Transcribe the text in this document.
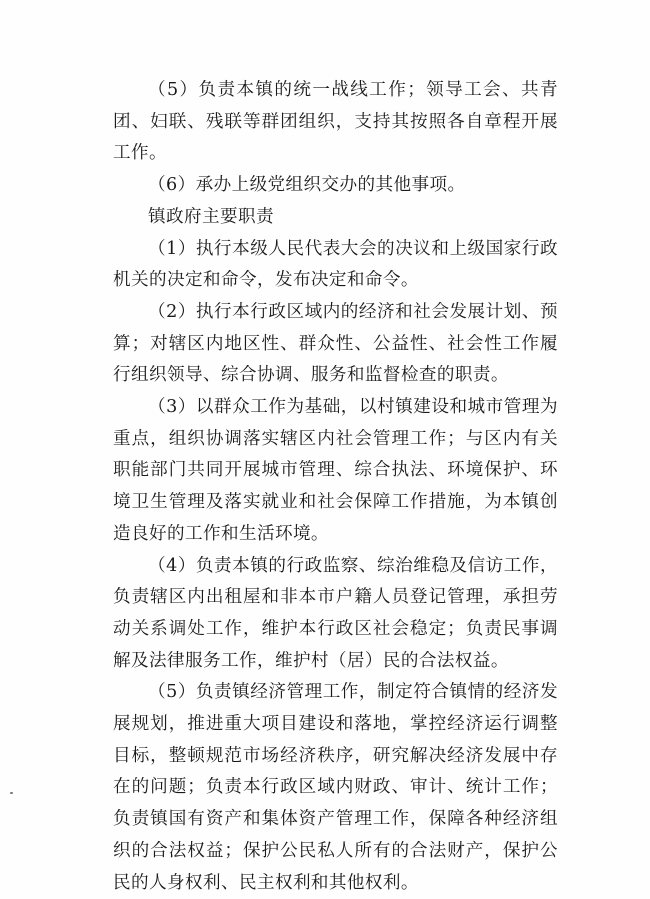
（5）负责本镇的统一战线工作；领导工会、共青团、妇联、残联等群团组织，支持其按照各自章程开展工作。

（6）承办上级党组织交办的其他事项。

镇政府主要职责

（1）执行本级人民代表大会的决议和上级国家行政机关的决定和命令，发布决定和命令。

（2）执行本行政区域内的经济和社会发展计划、预算；对辖区内地区性、群众性、公益性、社会性工作履行组织领导、综合协调、服务和监督检查的职责。

（3）以群众工作为基础，以村镇建设和城市管理为重点，组织协调落实辖区内社会管理工作；与区内有关职能部门共同开展城市管理、综合执法、环境保护、环境卫生管理及落实就业和社会保障工作措施，为本镇创造良好的工作和生活环境。

（4）负责本镇的行政监察、综治维稳及信访工作，负责辖区内出租屋和非本市户籍人员登记管理，承担劳动关系调处工作，维护本行政区社会稳定；负责民事调解及法律服务工作，维护村（居）民的合法权益。

（5）负责镇经济管理工作，制定符合镇情的经济发展规划，推进重大项目建设和落地，掌控经济运行调整目标，整顿规范市场经济秩序，研究解决经济发展中存在的问题；负责本行政区域内财政、审计、统计工作；负责镇国有资产和集体资产管理工作，保障各种经济组织的合法权益；保护公民私人所有的合法财产，保护公民的人身权利、民主权利和其他权利。
